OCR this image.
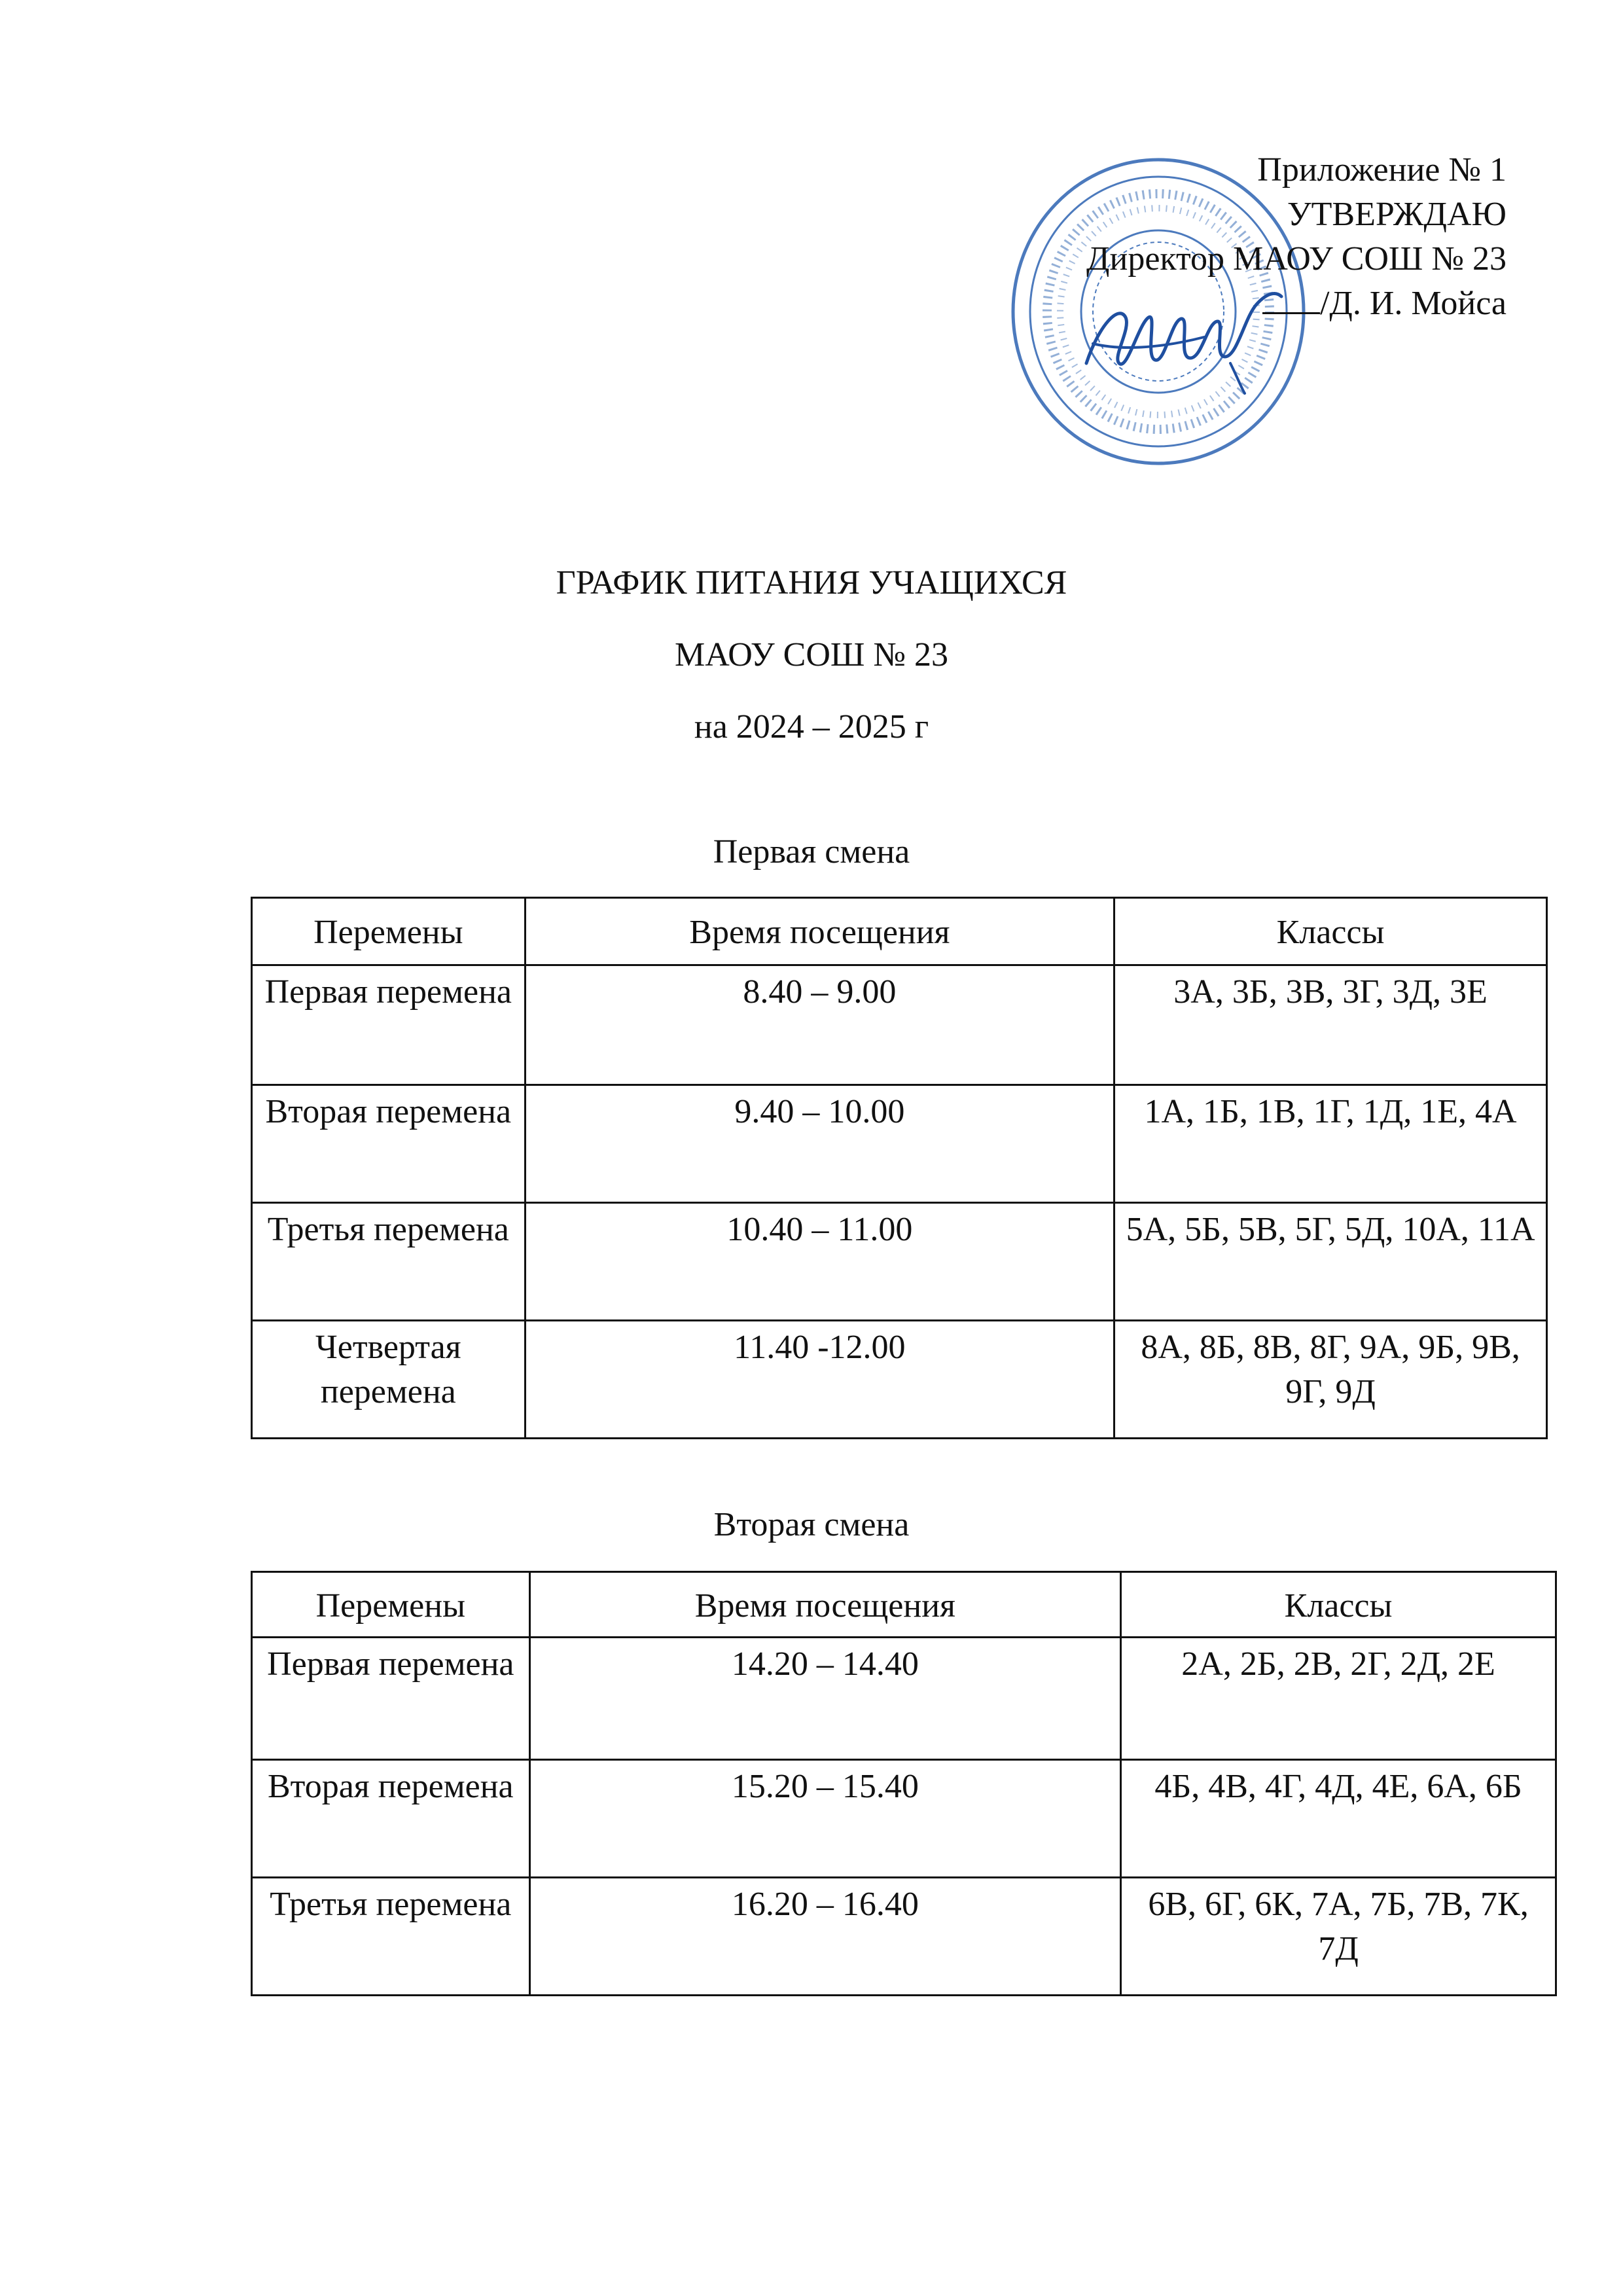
Приложение № 1
УТВЕРЖДАЮ
Директор МАОУ СОШ № 23
/Д. И. Мойса
ГРАФИК ПИТАНИЯ УЧАЩИХСЯ
МАОУ СОШ № 23
на 2024 – 2025 г
Первая смена
Перемены	Время посещения	Классы
Первая перемена	8.40 – 9.00	3А, 3Б, 3В, 3Г, 3Д, 3Е
Вторая перемена	9.40 – 10.00	1А, 1Б, 1В, 1Г, 1Д, 1Е, 4А
Третья перемена	10.40 – 11.00	5А, 5Б, 5В, 5Г, 5Д, 10А, 11А
Четвертая перемена	11.40 -12.00	8А, 8Б, 8В, 8Г, 9А, 9Б, 9В, 9Г, 9Д
Вторая смена
Перемены	Время посещения	Классы
Первая перемена	14.20 – 14.40	2А, 2Б, 2В, 2Г, 2Д, 2Е
Вторая перемена	15.20 – 15.40	4Б, 4В, 4Г, 4Д, 4Е, 6А, 6Б
Третья перемена	16.20 – 16.40	6В, 6Г, 6К, 7А, 7Б, 7В, 7К, 7Д
